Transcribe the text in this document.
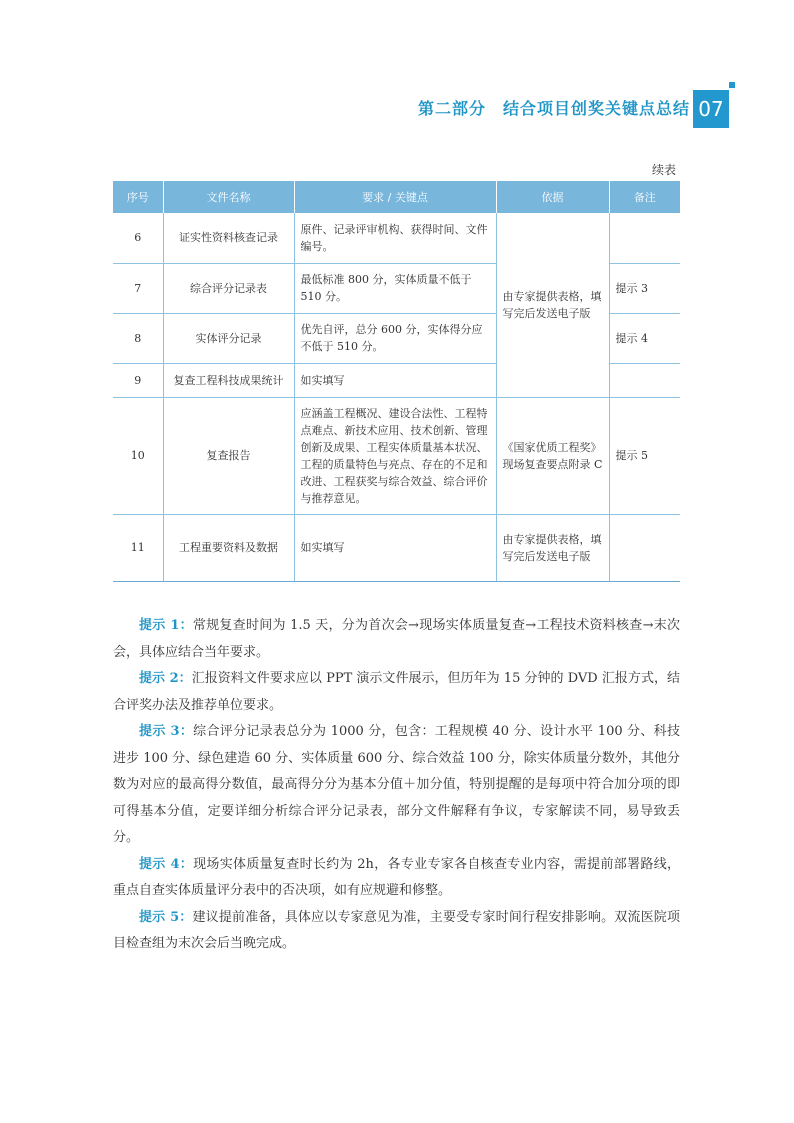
第二部分　结合项目创奖关键点总结 07
续表
序号	文件名称	要求 / 关键点	依据	备注
6	证实性资料核查记录	原件、记录评审机构、获得时间、文件编号。	由专家提供表格，填写完后发送电子版	
7	综合评分记录表	最低标准 800 分，实体质量不低于 510 分。		提示 3
8	实体评分记录	优先自评，总分 600 分，实体得分应不低于 510 分。		提示 4
9	复查工程科技成果统计	如实填写		
10	复查报告	应涵盖工程概况、建设合法性、工程特点难点、新技术应用、技术创新、管理创新及成果、工程实体质量基本状况、工程的质量特色与亮点、存在的不足和改进、工程获奖与综合效益、综合评价与推荐意见。	《国家优质工程奖》现场复查要点附录 C	提示 5
11	工程重要资料及数据	如实填写	由专家提供表格，填写完后发送电子版	

提示 1：常规复查时间为 1.5 天，分为首次会→现场实体质量复查→工程技术资料核查→末次会，具体应结合当年要求。

提示 2：汇报资料文件要求应以 PPT 演示文件展示，但历年为 15 分钟的 DVD 汇报方式，结合评奖办法及推荐单位要求。

提示 3：综合评分记录表总分为 1000 分，包含：工程规模 40 分、设计水平 100 分、科技进步 100 分、绿色建造 60 分、实体质量 600 分、综合效益 100 分，除实体质量分数外，其他分数为对应的最高得分数值，最高得分分为基本分值＋加分值，特别提醒的是每项中符合加分项的即可得基本分值，定要详细分析综合评分记录表，部分文件解释有争议，专家解读不同，易导致丢分。

提示 4：现场实体质量复查时长约为 2h，各专业专家各自核查专业内容，需提前部署路线，重点自查实体质量评分表中的否决项，如有应规避和修整。

提示 5：建议提前准备，具体应以专家意见为准，主要受专家时间行程安排影响。双流医院项目检查组为末次会后当晚完成。
